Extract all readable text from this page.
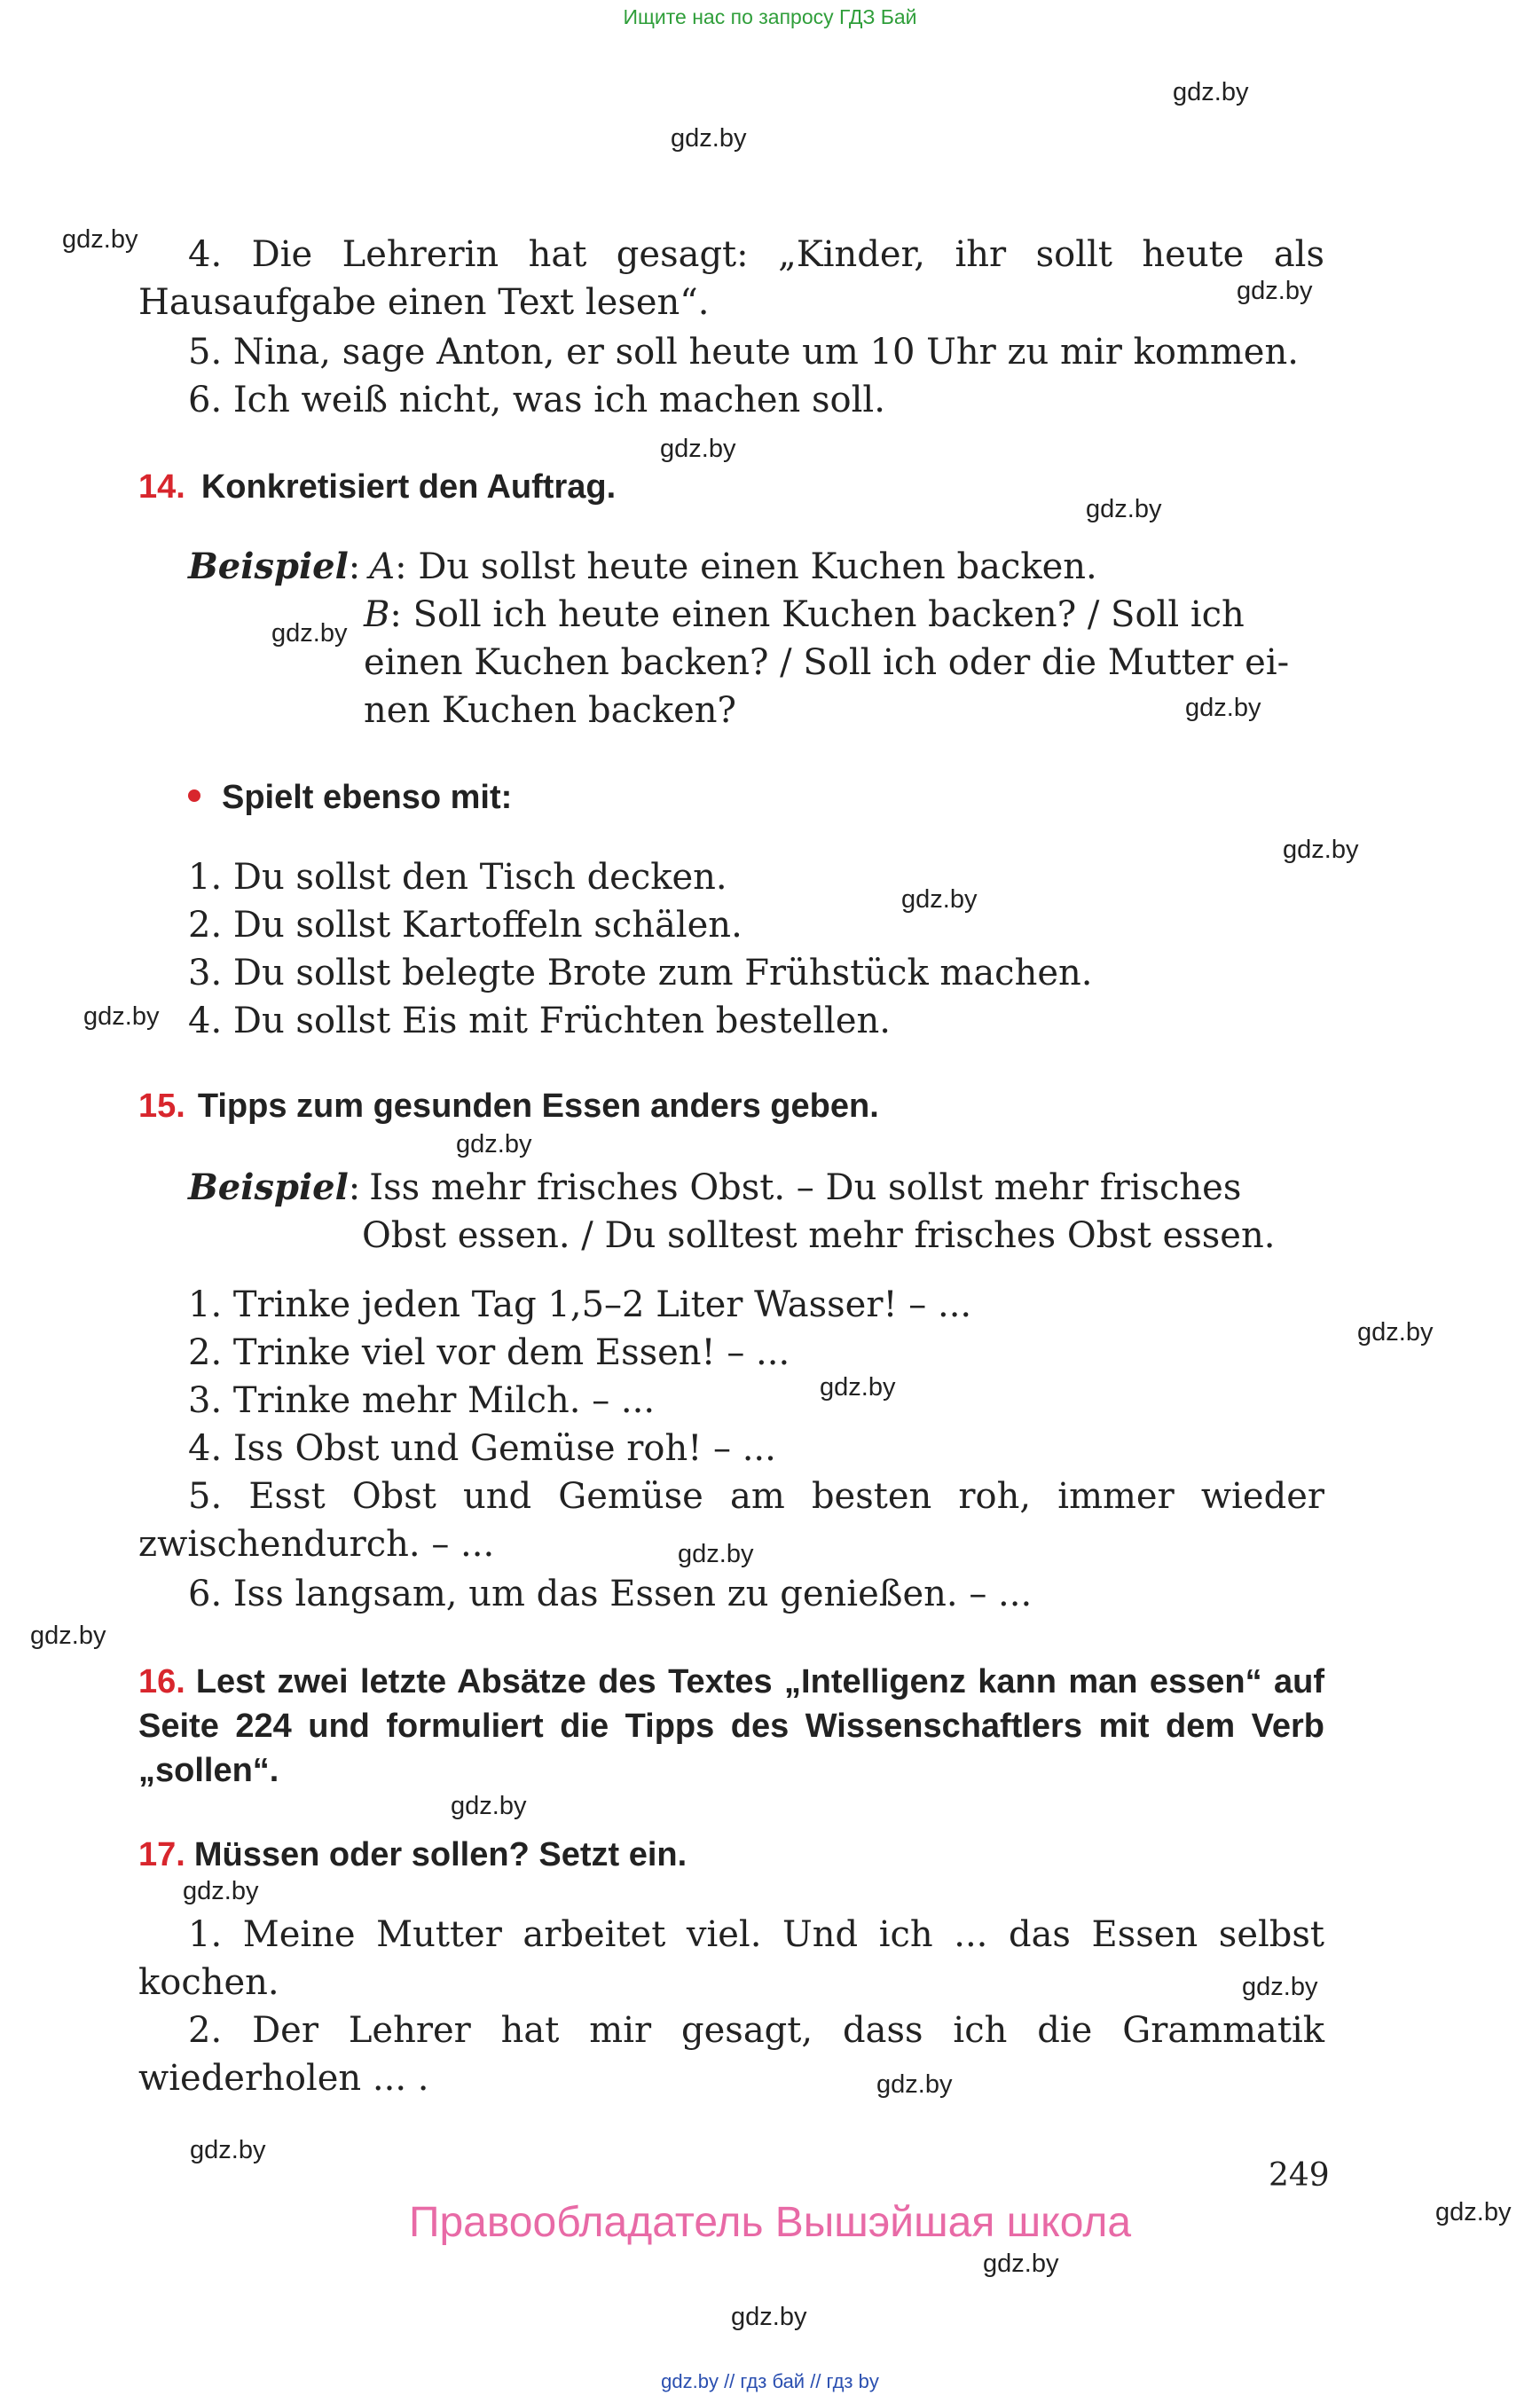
Ищите нас по запросу ГДЗ Бай
4. Die Lehrerin hat gesagt: „Kinder, ihr sollt heute als Hausaufgabe einen Text lesen“.
5. Nina, sage Anton, er soll heute um 10 Uhr zu mir kommen.
6. Ich weiß nicht, was ich machen soll.
14. Konkretisiert den Auftrag.
Beispiel: A: Du sollst heute einen Kuchen backen.
B: Soll ich heute einen Kuchen backen? / Soll ich
einen Kuchen backen? / Soll ich oder die Mutter ei-
nen Kuchen backen?
Spielt ebenso mit:
1. Du sollst den Tisch decken.
2. Du sollst Kartoffeln schälen.
3. Du sollst belegte Brote zum Frühstück machen.
4. Du sollst Eis mit Früchten bestellen.
15. Tipps zum gesunden Essen anders geben.
Beispiel: Iss mehr frisches Obst. – Du sollst mehr frisches
Obst essen. / Du solltest mehr frisches Obst essen.
1. Trinke jeden Tag 1,5–2 Liter Wasser! – ...
2. Trinke viel vor dem Essen! – ...
3. Trinke mehr Milch. – ...
4. Iss Obst und Gemüse roh! – ...
5. Esst Obst und Gemüse am besten roh, immer wieder zwischendurch. – ...
6. Iss langsam, um das Essen zu genießen. – ...
16. Lest zwei letzte Absätze des Textes „Intelligenz kann man essen“ auf Seite 224 und formuliert die Tipps des Wissenschaftlers mit dem Verb „sollen“.
17. Müssen oder sollen? Setzt ein.
1. Meine Mutter arbeitet viel. Und ich ... das Essen selbst kochen.
2. Der Lehrer hat mir gesagt, dass ich die Grammatik wiederholen ... .
249
Правообладатель Вышэйшая школа
gdz.by // гдз бай // гдз by
gdz.by
gdz.by
gdz.by
gdz.by
gdz.by
gdz.by
gdz.by
gdz.by
gdz.by
gdz.by
gdz.by
gdz.by
gdz.by
gdz.by
gdz.by
gdz.by
gdz.by
gdz.by
gdz.by
gdz.by
gdz.by
gdz.by
gdz.by
gdz.by
